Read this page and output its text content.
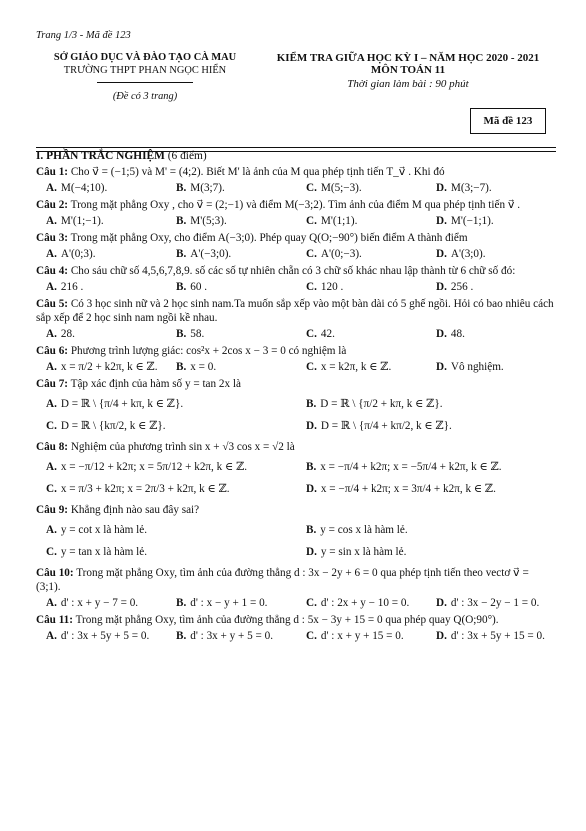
Trang 1/3 - Mã đề 123
SỞ GIÁO DỤC VÀ ĐÀO TẠO CÀ MAU
TRƯỜNG THPT PHAN NGỌC HIỂN
(Đề có 3 trang)
KIỂM TRA GIỮA HỌC KỲ I – NĂM HỌC 2020 - 2021
MÔN TOÁN 11
Thời gian làm bài : 90 phút
Mã đề 123
I. PHẦN TRẮC NGHIỆM (6 điểm)
Câu 1: Cho v⃗ = (−1;5) và M' = (4;2). Biết M' là ảnh của M qua phép tịnh tiến T_v⃗ . Khi đó
A. M(−4;10).	B. M(3;7).	C. M(5;−3).	D. M(3;−7).
Câu 2: Trong mặt phẳng Oxy , cho v⃗ = (2;−1) và điểm M(−3;2). Tìm ảnh của điểm M qua phép tịnh tiến v⃗ .
A. M'(1;−1).	B. M'(5;3).	C. M'(1;1).	D. M'(−1;1).
Câu 3: Trong mặt phẳng Oxy, cho điểm A(−3;0). Phép quay Q(O;−90°) biến điểm A thành điểm
A. A'(0;3).	B. A'(−3;0).	C. A'(0;−3).	D. A'(3;0).
Câu 4: Cho sáu chữ số 4,5,6,7,8,9. số các số tự nhiên chẵn có 3 chữ số khác nhau lập thành từ 6 chữ số đó:
A. 216 .	B. 60 .	C. 120 .	D. 256 .
Câu 5: Có 3 học sinh nữ và 2 học sinh nam.Ta muốn sắp xếp vào một bàn dài có 5 ghế ngồi. Hỏi có bao nhiêu cách sắp xếp để 2 học sinh nam ngồi kề nhau.
A. 28.	B. 58.	C. 42.	D. 48.
Câu 6: Phương trình lượng giác: cos²x + 2cos x − 3 = 0 có nghiệm là
A. x = π/2 + k2π, k ∈ ℤ.	B. x = 0.	C. x = k2π, k ∈ ℤ.	D. Vô nghiệm.
Câu 7: Tập xác định của hàm số y = tan 2x là
A. D = ℝ \ {π/4 + kπ, k ∈ ℤ}.	B. D = ℝ \ {π/2 + kπ, k ∈ ℤ}.
C. D = ℝ \ {kπ/2, k ∈ ℤ}.	D. D = ℝ \ {π/4 + kπ/2, k ∈ ℤ}.
Câu 8: Nghiệm của phương trình sin x + √3 cos x = √2 là
A. x = −π/12 + k2π; x = 5π/12 + k2π, k ∈ ℤ.	B. x = −π/4 + k2π; x = −5π/4 + k2π, k ∈ ℤ.
C. x = π/3 + k2π; x = 2π/3 + k2π, k ∈ ℤ.	D. x = −π/4 + k2π; x = 3π/4 + k2π, k ∈ ℤ.
Câu 9: Khẳng định nào sau đây sai?
A. y = cot x là hàm lẻ.	B. y = cos x là hàm lẻ.
C. y = tan x là hàm lẻ.	D. y = sin x là hàm lẻ.
Câu 10: Trong mặt phẳng Oxy, tìm ảnh của đường thẳng d : 3x − 2y + 6 = 0 qua phép tịnh tiến theo vectơ v⃗ = (3;1).
A. d' : x + y − 7 = 0.	B. d' : x − y + 1 = 0.	C. d' : 2x + y − 10 = 0.	D. d' : 3x − 2y − 1 = 0.
Câu 11: Trong mặt phẳng Oxy, tìm ảnh của đường thẳng d : 5x − 3y + 15 = 0 qua phép quay Q(O;90°).
A. d' : 3x + 5y + 5 = 0.	B. d' : 3x + y + 5 = 0.	C. d' : x + y + 15 = 0.	D. d' : 3x + 5y + 15 = 0.
